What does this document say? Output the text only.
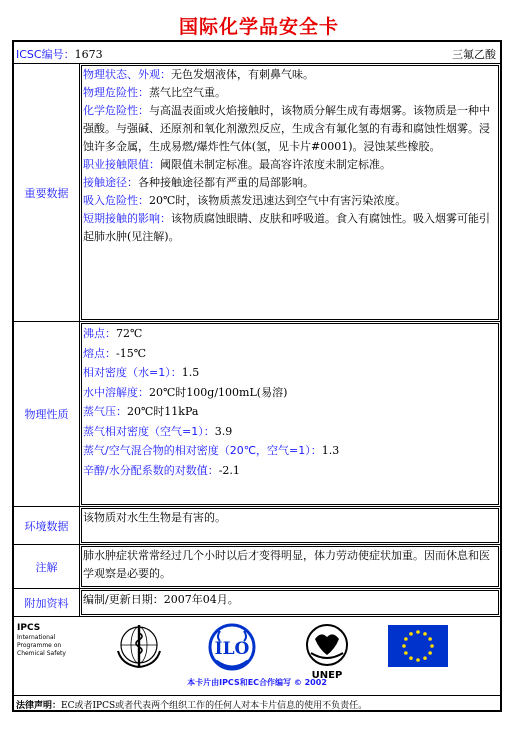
国际化学品安全卡
ICSC编号：1673	三氟乙酸
重要数据
物理状态、外观：无色发烟液体，有刺鼻气味。
物理危险性：蒸气比空气重。
化学危险性：与高温表面或火焰接触时，该物质分解生成有毒烟雾。该物质是一种中强酸。与强碱、还原剂和氧化剂激烈反应，生成含有氟化氢的有毒和腐蚀性烟雾。浸蚀许多金属，生成易燃/爆炸性气体(氢，见卡片#0001)。浸蚀某些橡胶。
职业接触限值：阈限值未制定标准。最高容许浓度未制定标准。
接触途径：各种接触途径都有严重的局部影响。
吸入危险性：20℃时，该物质蒸发迅速达到空气中有害污染浓度。
短期接触的影响：该物质腐蚀眼睛、皮肤和呼吸道。食入有腐蚀性。吸入烟雾可能引起肺水肿(见注解)。
物理性质
沸点：72℃
熔点：-15℃
相对密度（水=1）：1.5
水中溶解度：20℃时100g/100mL(易溶)
蒸气压：20℃时11kPa
蒸气相对密度（空气=1）：3.9
蒸气/空气混合物的相对密度（20℃，空气=1）：1.3
辛醇/水分配系数的对数值：-2.1
环境数据
该物质对水生生物是有害的。
注解
肺水肿症状常常经过几个小时以后才变得明显，体力劳动使症状加重。因而休息和医学观察是必要的。
附加资料 编制/更新日期：2007年04月。
IPCS
International
Programme on
Chemical Safety	ILO
UNEP
本卡片由IPCS和EC合作编写 © 2002
法律声明：EC或者IPCS或者代表两个组织工作的任何人对本卡片信息的使用不负责任。
